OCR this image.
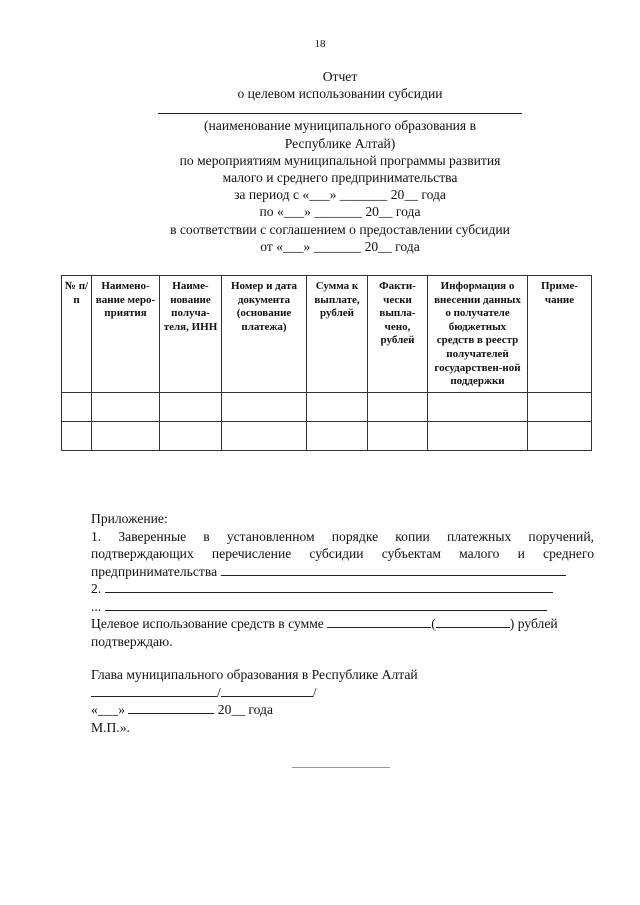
18
Отчет
о целевом использовании субсидии
(наименование муниципального образования в
Республике Алтай)
по мероприятиям муниципальной программы развития
малого и среднего предпринимательства
за период с «___» _______ 20__ года
по «___» _______ 20__ года
в соответствии с соглашением о предоставлении субсидии
от «___» _______ 20__ года
№ п/п	Наимено-вание меро-приятия	Наиме-нование получа-теля, ИНН	Номер и дата документа (основание платежа)	Сумма к выплате, рублей	Факти-чески выпла-чено, рублей	Информация о внесении данных о получателе бюджетных средств в реестр получателей государствен-ной поддержки	Приме-чание

Приложение:
1. Заверенные в установленном порядке копии платежных поручений,
подтверждающих перечисление субсидии субъектам малого и среднего
предпринимательства
2.
...
Целевое использование средств в сумме	(	) рублей
подтверждаю.
Глава муниципального образования в Республике Алтай
/	/
«___»	20__ года
М.П.».
